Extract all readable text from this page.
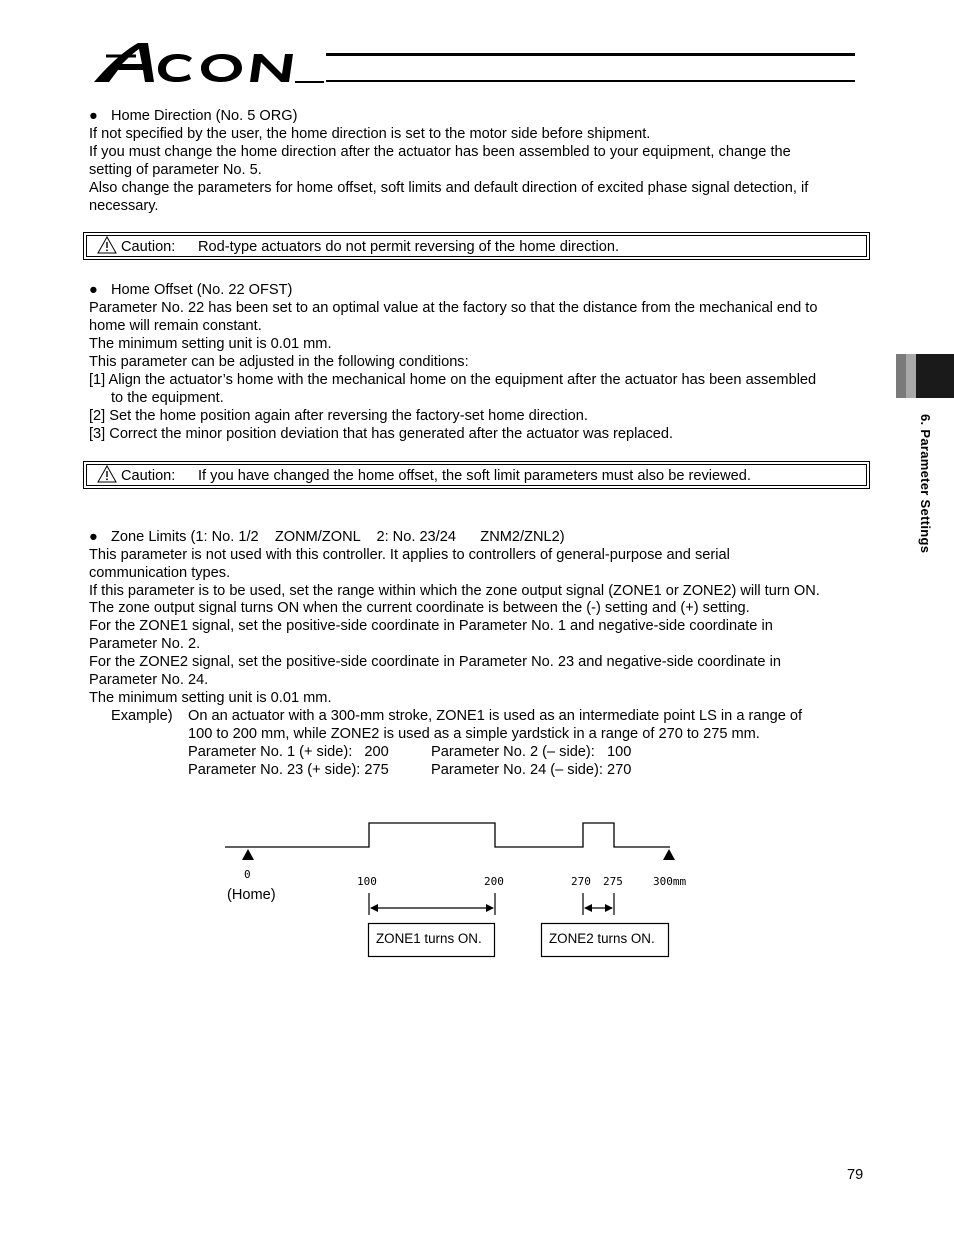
6. Parameter Settings
● Home Direction (No. 5 ORG)
If not specified by the user, the home direction is set to the motor side before shipment.
If you must change the home direction after the actuator has been assembled to your equipment, change the
setting of parameter No. 5.
Also change the parameters for home offset, soft limits and default direction of excited phase signal detection, if
necessary.
Caution: Rod-type actuators do not permit reversing of the home direction.
● Home Offset (No. 22 OFST)
Parameter No. 22 has been set to an optimal value at the factory so that the distance from the mechanical end to
home will remain constant.
The minimum setting unit is 0.01 mm.
This parameter can be adjusted in the following conditions:
[1] Align the actuator’s home with the mechanical home on the equipment after the actuator has been assembled
to the equipment.
[2] Set the home position again after reversing the factory-set home direction.
[3] Correct the minor position deviation that has generated after the actuator was replaced.
Caution: If you have changed the home offset, the soft limit parameters must also be reviewed.
● Zone Limits (1: No. 1/2    ZONM/ZONL    2: No. 23/24      ZNM2/ZNL2)
This parameter is not used with this controller. It applies to controllers of general-purpose and serial
communication types.
If this parameter is to be used, set the range within which the zone output signal (ZONE1 or ZONE2) will turn ON.
The zone output signal turns ON when the current coordinate is between the (-) setting and (+) setting.
For the ZONE1 signal, set the positive-side coordinate in Parameter No. 1 and negative-side coordinate in
Parameter No. 2.
For the ZONE2 signal, set the positive-side coordinate in Parameter No. 23 and negative-side coordinate in
Parameter No. 24.
The minimum setting unit is 0.01 mm.
Example) On an actuator with a 300-mm stroke, ZONE1 is used as an intermediate point LS in a range of
100 to 200 mm, while ZONE2 is used as a simple yardstick in a range of 270 to 275 mm.
Parameter No. 1 (+ side):   200	Parameter No. 2 (– side):   100
Parameter No. 23 (+ side): 275	Parameter No. 24 (– side): 270
0
100	200	270 275	300mm
(Home)
ZONE1 turns ON.	ZONE2 turns ON.
79
